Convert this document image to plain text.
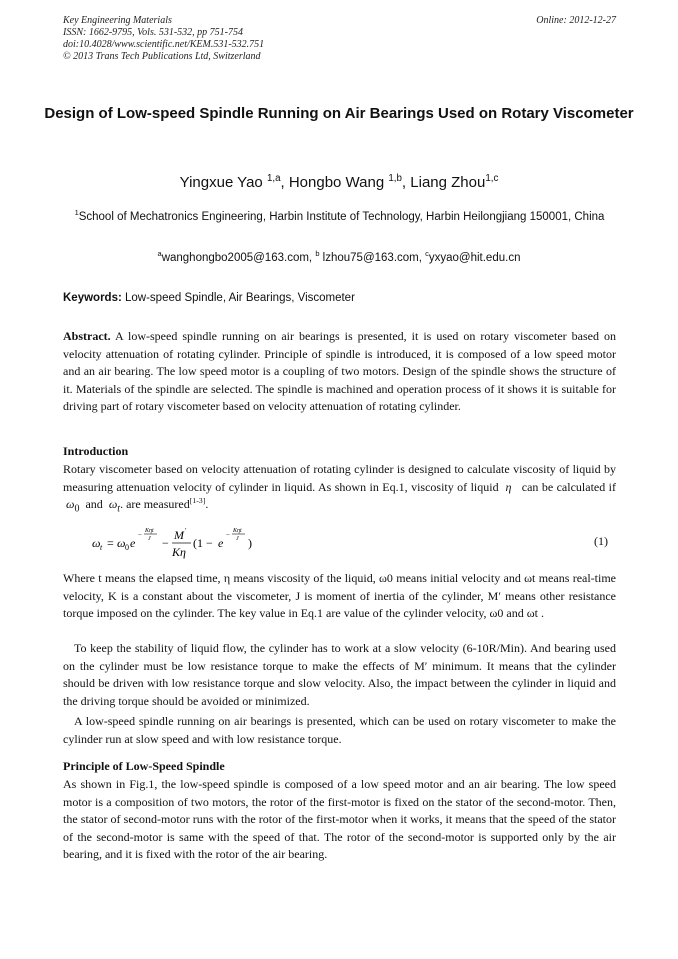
Key Engineering Materials
ISSN: 1662-9795, Vols. 531-532, pp 751-754
doi:10.4028/www.scientific.net/KEM.531-532.751
© 2013 Trans Tech Publications Ltd, Switzerland
Online: 2012-12-27
Design of Low-speed Spindle Running on Air Bearings Used on Rotary Viscometer
Yingxue Yao $^{1,a}$, Hongbo Wang $^{1,b}$, Liang Zhou$^{1,c}$
$^1$School of Mechatronics Engineering, Harbin Institute of Technology, Harbin Heilongjiang 150001, China
$^a$wanghongbo2005@163.com, $^b$ lzhou75@163.com, $^c$yxyao@hit.edu.cn
Keywords: Low-speed Spindle, Air Bearings, Viscometer

Abstract. A low-speed spindle running on air bearings is presented, it is used on rotary viscometer based on velocity attenuation of rotating cylinder. Principle of spindle is introduced, it is composed of a low speed motor and an air bearing. The low speed motor is a coupling of two motors. Design of the spindle shows the structure of it. Materials of the spindle are selected. The spindle is machined and operation process of it shows it is suitable for driving part of rotary viscometer based on velocity attenuation of rotating cylinder.

Introduction

Rotary viscometer based on velocity attenuation of rotating cylinder is designed to calculate viscosity of liquid by measuring attenuation velocity of cylinder in liquid. As shown in Eq.1, viscosity of liquid η can be calculated if  $\omega_0$ and $\omega_t$. are measured[1-3].

ω t = ω 0 e
− Kηt
J −
M ′
Kη
(1 − e
− Kηt
J )	(1)

Where t means the elapsed time, η means viscosity of the liquid, ω0 means initial velocity and ωt means real-time velocity, K is a constant about the viscometer, J is moment of inertia of the cylinder, M′ means other resistance torque imposed on the cylinder. The key value in Eq.1 are value of the cylinder velocity, ω0 and ωt .

To keep the stability of liquid flow, the cylinder has to work at a slow velocity (6-10R/Min). And bearing used on the cylinder must be low resistance torque to make the effects of M′ minimum. It means that the cylinder should be driven with low resistance torque and slow velocity. Also, the impact between the cylinder in liquid and the driving torque should be avoided or minimized.

A low-speed spindle running on air bearings is presented, which can be used on rotary viscometer to make the cylinder run at slow speed and with low resistance torque.

Principle of Low-Speed Spindle

As shown in Fig.1, the low-speed spindle is composed of a low speed motor and an air bearing. The low speed motor is a composition of two motors, the rotor of the first-motor is fixed on the stator of the second-motor. Then, the stator of second-motor runs with the rotor of the first-motor when it works, it means that the speed of the stator of the second-motor is same with the speed of that. The rotor of the second-motor is supported only by the air bearing, and it is fixed with the rotor of the air bearing.
